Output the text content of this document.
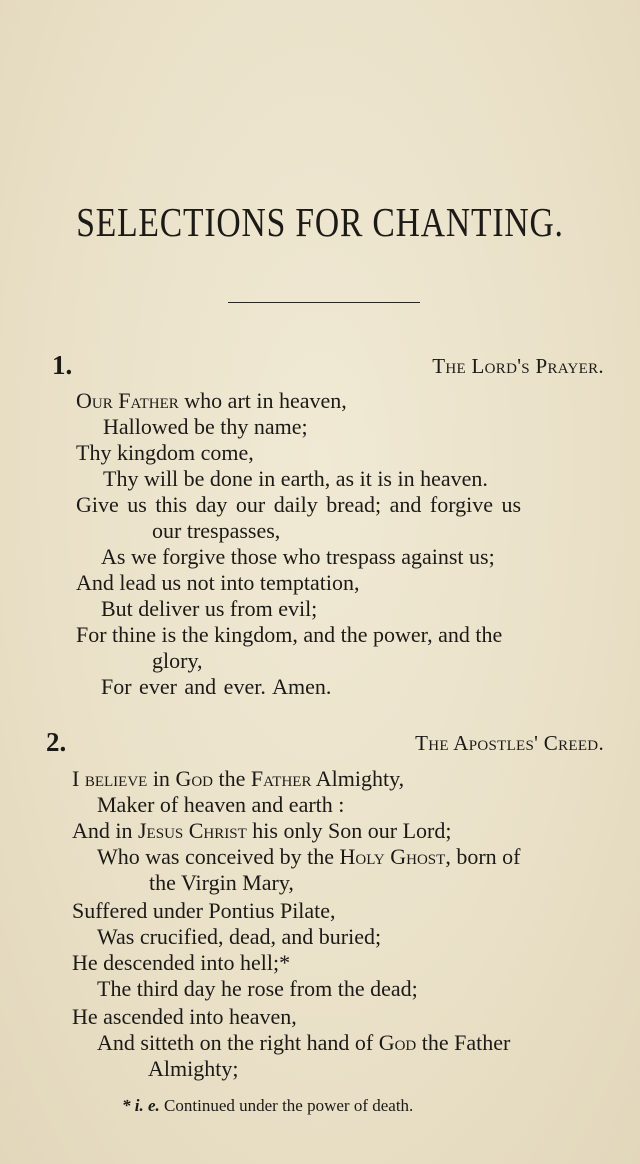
SELECTIONS FOR CHANTING.
1.	The Lord's Prayer.
Our Father who art in heaven,
Hallowed be thy name;
Thy kingdom come,
Thy will be done in earth, as it is in heaven.
Give us this day our daily bread; and forgive us
our trespasses,
As we forgive those who trespass against us;
And lead us not into temptation,
But deliver us from evil;
For thine is the kingdom, and the power, and the
glory,
For ever and ever. Amen.
2.	The Apostles' Creed.
I believe in God the Father Almighty,
Maker of heaven and earth :
And in Jesus Christ his only Son our Lord;
Who was conceived by the Holy Ghost, born of
the Virgin Mary,
Suffered under Pontius Pilate,
Was crucified, dead, and buried;
He descended into hell;*
The third day he rose from the dead;
He ascended into heaven,
And sitteth on the right hand of God the Father
Almighty;
* i. e. Continued under the power of death.
